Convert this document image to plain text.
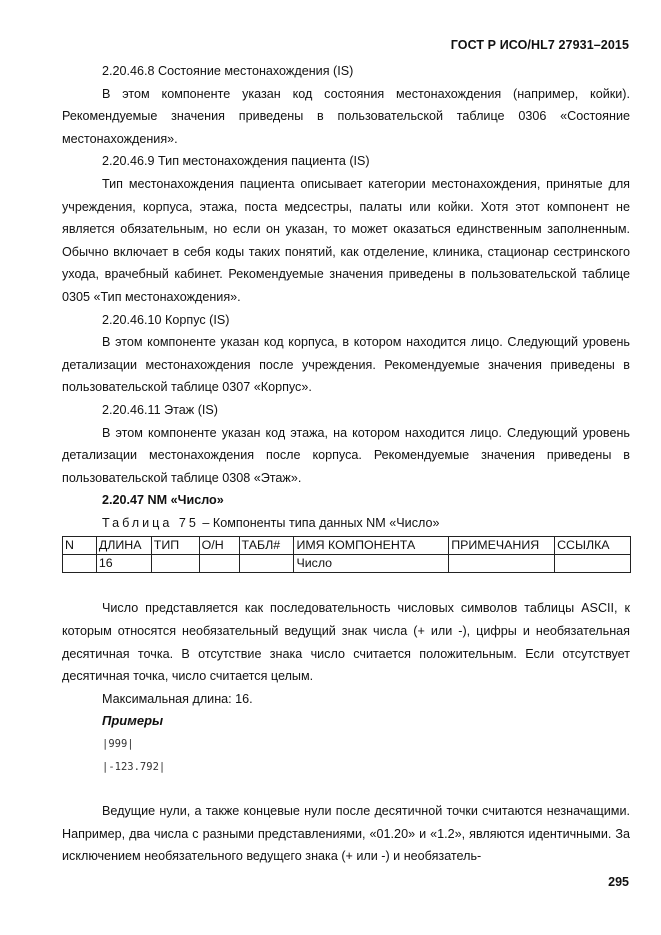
ГОСТ Р ИСО/HL7 27931–2015

2.20.46.8 Состояние местонахождения (IS)

В этом компоненте указан код состояния местонахождения (например, койки). Рекомендуемые значения приведены в пользовательской таблице 0306 «Состояние местонахождения».

2.20.46.9 Тип местонахождения пациента (IS)

Тип местонахождения пациента описывает категории местонахождения, принятые для учреждения, корпуса, этажа, поста медсестры, палаты или койки. Хотя этот компонент не является обязательным, но если он указан, то может оказаться единственным заполненным. Обычно включает в себя коды таких понятий, как отделение, клиника, стационар сестринского ухода, врачебный кабинет. Рекомендуемые значения приведены в пользовательской таблице 0305 «Тип местонахождения».

2.20.46.10 Корпус (IS)

В этом компоненте указан код корпуса, в котором находится лицо. Следующий уровень детализации местонахождения после учреждения. Рекомендуемые значения приведены в пользовательской таблице 0307 «Корпус».

2.20.46.11 Этаж (IS)

В этом компоненте указан код этажа, на котором находится лицо. Следующий уровень детализации местонахождения после корпуса. Рекомендуемые значения приведены в пользовательской таблице 0308 «Этаж».

2.20.47 NM «Число»

Таблица 75 – Компоненты типа данных NM «Число»

N	ДЛИНА	ТИП	О/Н	ТАБЛ#	ИМЯ КОМПОНЕНТА	ПРИМЕЧАНИЯ	ССЫЛКА
	16				Число		

Число представляется как последовательность числовых символов таблицы ASCII, к которым относятся необязательный ведущий знак числа (+ или -), цифры и необязательная десятичная точка. В отсутствие знака число считается положительным. Если отсутствует десятичная точка, число считается целым.

Максимальная длина: 16.

Примеры

|999|

|-123.792|

Ведущие нули, а также концевые нули после десятичной точки считаются незначащими. Например, два числа с разными представлениями, «01.20» и «1.2», являются идентичными. За исключением необязательного ведущего знака (+ или -) и необязатель-

295
